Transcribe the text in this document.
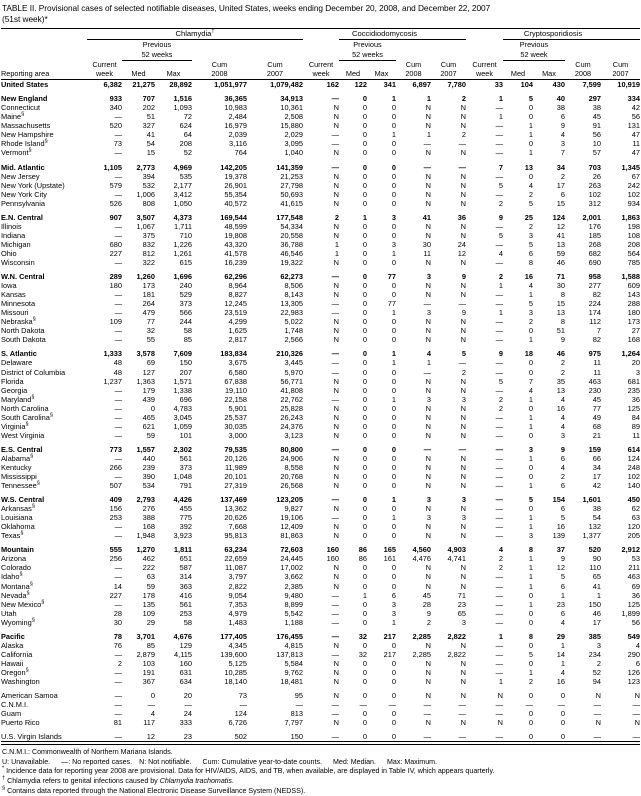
TABLE II. Provisional cases of selected notifiable diseases, United States, weeks ending December 20, 2008, and December 22, 2007
(51st week)*

	Chlamydia†					Coccidiodomycosis					Cryptosporidiosis				

		Previous					Previous					Previous			
		52 weeks					52 weeks					52 week			

	Current			Cum	Cum	Current			Cum	Cum	Current			Cum	Cum
Reporting area	week	Med	Max	2008	2007	week	Med	Max	2008	2007	week	Med	Max	2008	2007

United States	6,382	21,275	28,892	1,051,977	1,079,482	162	122	341	6,897	7,780	33	104	430	7,599	10,919

New England	933	707	1,516	36,365	34,913	—	0	1	1	2	1	5	40	297	334
Connecticut	340	202	1,093	10,983	10,361	N	0	0	N	N	—	0	38	38	42
Maine§	—	51	72	2,484	2,508	N	0	0	N	N	1	0	6	45	56
Massachusetts	520	327	624	16,979	15,880	N	0	0	N	N	—	1	9	91	131
New Hampshire	—	41	64	2,039	2,029	—	0	1	1	2	—	1	4	56	47
Rhode Island§	73	54	208	3,116	3,095	—	0	0	—	—	—	0	3	10	11
Vermont§	—	15	52	764	1,040	N	0	0	N	N	—	1	7	57	47

Mid. Atlantic	1,105	2,773	4,969	142,205	141,359	—	0	0	—	—	7	13	34	703	1,345
New Jersey	—	394	535	19,378	21,253	N	0	0	N	N	—	0	2	26	67
New York (Upstate)	579	532	2,177	26,901	27,798	N	0	0	N	N	5	4	17	263	242
New York City	—	1,006	3,412	55,354	50,693	N	0	0	N	N	—	2	6	102	102
Pennsylvania	526	808	1,050	40,572	41,615	N	0	0	N	N	2	5	15	312	934

E.N. Central	907	3,507	4,373	169,544	177,548	2	1	3	41	36	9	25	124	2,001	1,863
Illinois	—	1,067	1,711	48,599	54,334	N	0	0	N	N	—	2	12	176	198
Indiana	—	375	710	19,808	20,558	N	0	0	N	N	5	3	41	185	108
Michigan	680	832	1,226	43,320	36,788	1	0	3	30	24	—	5	13	268	208
Ohio	227	812	1,261	41,578	46,546	1	0	1	11	12	4	6	59	682	564
Wisconsin	—	322	615	16,239	19,322	N	0	0	N	N	—	8	46	690	785

W.N. Central	289	1,260	1,696	62,296	62,273	—	0	77	3	9	2	16	71	958	1,588
Iowa	180	173	240	8,964	8,506	N	0	0	N	N	1	4	30	277	609
Kansas	—	181	529	8,827	8,143	N	0	0	N	N	—	1	8	82	143
Minnesota	—	264	373	12,245	13,305	—	0	77	—	—	—	5	15	224	288
Missouri	—	479	566	23,519	22,983	—	0	1	3	9	1	3	13	174	180
Nebraska§	109	77	244	4,299	5,022	N	0	0	N	N	—	2	8	112	173
North Dakota	—	32	58	1,625	1,748	N	0	0	N	N	—	0	51	7	27
South Dakota	—	55	85	2,817	2,566	N	0	0	N	N	—	1	9	82	168

S. Atlantic	1,333	3,578	7,609	183,834	210,326	—	0	1	4	5	9	18	46	975	1,264
Delaware	48	69	150	3,675	3,445	—	0	1	1	—	—	0	2	11	20
District of Columbia	48	127	207	6,580	5,970	—	0	0	—	2	—	0	2	11	3
Florida	1,237	1,363	1,571	67,838	56,771	N	0	0	N	N	5	7	35	463	681
Georgia	—	179	1,338	19,110	41,808	N	0	0	N	N	—	4	13	230	235
Maryland§	—	439	696	22,158	22,762	—	0	1	3	3	2	1	4	45	36
North Carolina	—	0	4,783	5,901	25,828	N	0	0	N	N	2	0	16	77	125
South Carolina§	—	465	3,045	25,537	26,243	N	0	0	N	N	—	1	4	49	84
Virginia§	—	621	1,059	30,035	24,376	N	0	0	N	N	—	1	4	68	89
West Virginia	—	59	101	3,000	3,123	N	0	0	N	N	—	0	3	21	11

E.S. Central	773	1,557	2,302	79,535	80,800	—	0	0	—	—	—	3	9	159	614
Alabama§	—	440	561	20,126	24,906	N	0	0	N	N	—	1	6	66	124
Kentucky	266	239	373	11,989	8,558	N	0	0	N	N	—	0	4	34	248
Mississippi	—	390	1,048	20,101	20,768	N	0	0	N	N	—	0	2	17	102
Tennessee§	507	534	791	27,319	26,568	N	0	0	N	N	—	1	6	42	140

W.S. Central	409	2,793	4,426	137,469	123,205	—	0	1	3	3	—	5	154	1,601	450
Arkansas§	156	276	455	13,362	9,827	N	0	0	N	N	—	0	6	38	62
Louisiana	253	388	775	20,626	19,106	—	0	1	3	3	—	1	5	54	63
Oklahoma	—	168	392	7,668	12,409	N	0	0	N	N	—	1	16	132	120
Texas§	—	1,948	3,923	95,813	81,863	N	0	0	N	N	—	3	139	1,377	205

Mountain	555	1,270	1,811	63,234	72,603	160	86	165	4,560	4,903	4	8	37	520	2,912
Arizona	256	462	651	22,659	24,445	160	86	161	4,476	4,741	2	1	9	90	53
Colorado	—	222	587	11,087	17,002	N	0	0	N	N	2	1	12	110	211
Idaho§	—	63	314	3,797	3,662	N	0	0	N	N	—	1	5	65	463
Montana§	14	59	363	2,822	2,385	N	0	0	N	N	—	1	6	41	69
Nevada§	227	178	416	9,054	9,480	—	1	6	45	71	—	0	1	1	36
New Mexico§	—	135	561	7,353	8,899	—	0	3	28	23	—	1	23	150	125
Utah	28	109	253	4,979	5,542	—	0	3	9	65	—	0	6	46	1,899
Wyoming§	30	29	58	1,483	1,188	—	0	1	2	3	—	0	4	17	56

Pacific	78	3,701	4,676	177,405	176,455	—	32	217	2,285	2,822	1	8	29	385	549
Alaska	76	85	129	4,345	4,815	N	0	0	N	N	—	0	1	3	4
California	—	2,879	4,115	139,600	137,813	—	32	217	2,285	2,822	—	5	14	234	290
Hawaii	2	103	160	5,125	5,584	N	0	0	N	N	—	0	1	2	6
Oregon§	—	191	631	10,285	9,762	N	0	0	N	N	—	1	4	52	126
Washington	—	367	634	18,140	18,481	N	0	0	N	N	1	2	16	94	123

American Samoa	—	0	20	73	95	N	0	0	N	N	N	0	0	N	N
C.N.M.I.	—	—	—	—	—	—	—	—	—	—	—	—	—	—	—
Guam	—	4	24	124	813	—	0	0	—	—	—	0	0	—	—
Puerto Rico	81	117	333	6,726	7,797	N	0	0	N	N	N	0	0	N	N

U.S. Virgin Islands	—	12	23	502	150	—	0	0	—	—	—	0	0	—	—

C.N.M.I.: Commonwealth of Northern Mariana Islands.
U: Unavailable. —: No reported cases. N: Not notifiable. Cum: Cumulative year-to-date counts. Med: Median. Max: Maximum.
* Incidence data for reporting year 2008 are provisional. Data for HIV/AIDS, AIDS, and TB, when available, are displayed in Table IV, which appears quarterly.
† Chlamydia refers to genital infections caused by Chlamydia trachomatis.
§ Contains data reported through the National Electronic Disease Surveillance System (NEDSS).
